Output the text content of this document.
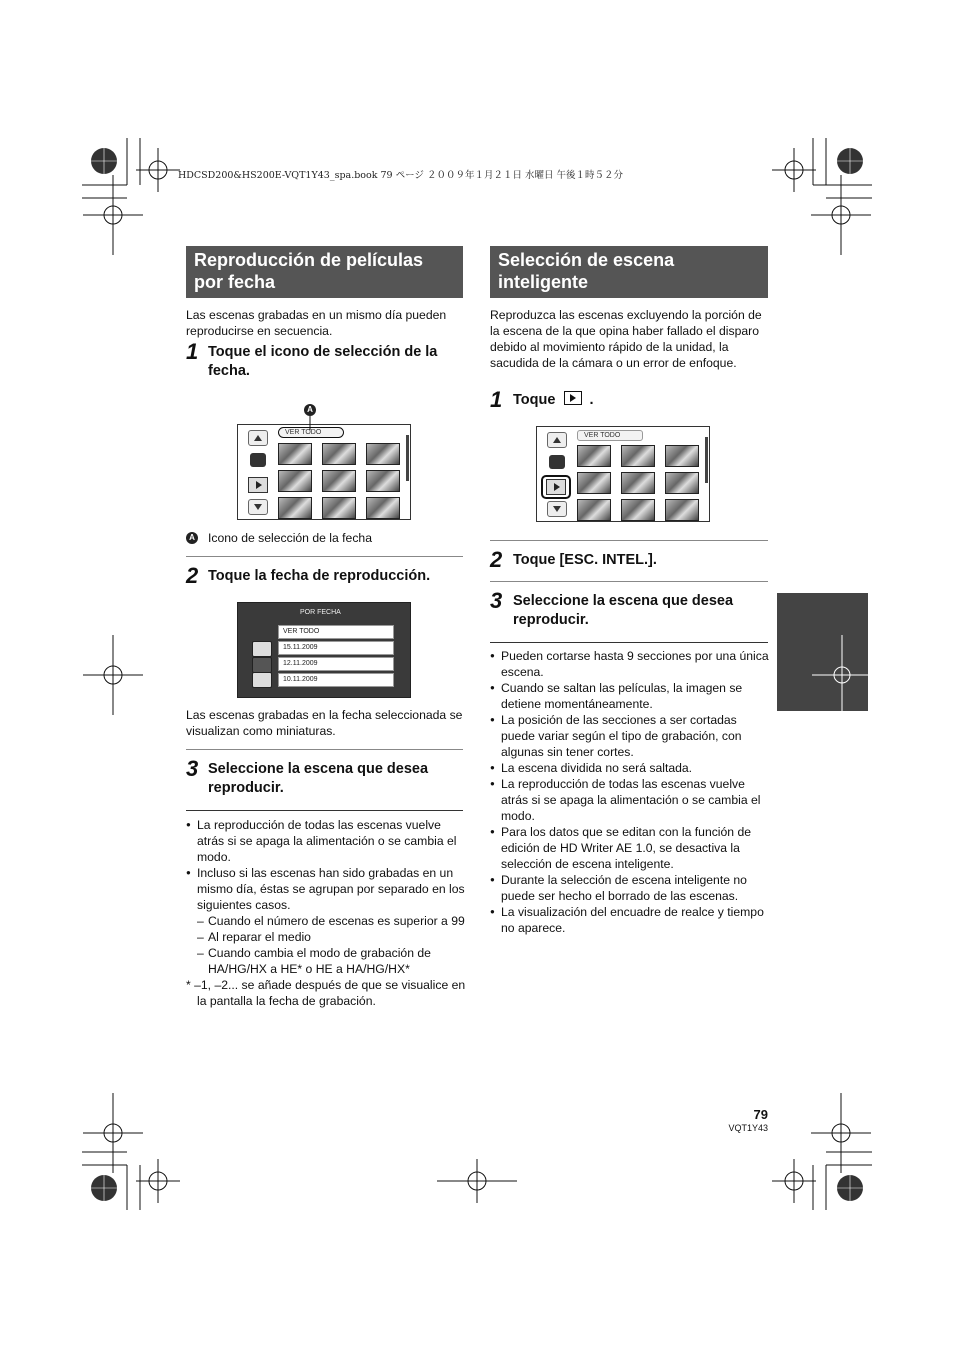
HDCSD200&HS200E-VQT1Y43_spa.book 79 ページ ２００９年１月２１日 水曜日 午後１時５２分
Reproducción de películas por fecha
Las escenas grabadas en un mismo día pueden reproducirse en secuencia.
1 Toque el icono de selección de la fecha.
A
VER TODO
A Icono de selección de la fecha
2 Toque la fecha de reproducción.
POR FECHA
VER TODO
15.11.2009
12.11.2009
10.11.2009
Las escenas grabadas en la fecha seleccionada se visualizan como miniaturas.
3 Seleccione la escena que desea reproducir.
● La reproducción de todas las escenas vuelve atrás si se apaga la alimentación o se cambia el modo.
● Incluso si las escenas han sido grabadas en un mismo día, éstas se agrupan por separado en los siguientes casos.
– Cuando el número de escenas es superior a 99
– Al reparar el medio
– Cuando cambia el modo de grabación de HA/HG/HX a HE* o HE a HA/HG/HX*
* –1, –2... se añade después de que se visualice en la pantalla la fecha de grabación.
Selección de escena inteligente
Reproduzca las escenas excluyendo la porción de la escena de la que opina haber fallado el disparo debido al movimiento rápido de la unidad, la sacudida de la cámara o un error de enfoque.
1 Toque .
VER TODO
2 Toque [ESC. INTEL.].
3 Seleccione la escena que desea reproducir.
● Pueden cortarse hasta 9 secciones por una única escena.
● Cuando se saltan las películas, la imagen se detiene momentáneamente.
● La posición de las secciones a ser cortadas puede variar según el tipo de grabación, con algunas sin tener cortes.
● La escena dividida no será saltada.
● La reproducción de todas las escenas vuelve atrás si se apaga la alimentación o se cambia el modo.
● Para los datos que se editan con la función de edición de HD Writer AE 1.0, se desactiva la selección de escena inteligente.
● Durante la selección de escena inteligente no puede ser hecho el borrado de las escenas.
● La visualización del encuadre de realce y tiempo no aparece.
79
VQT1Y43
